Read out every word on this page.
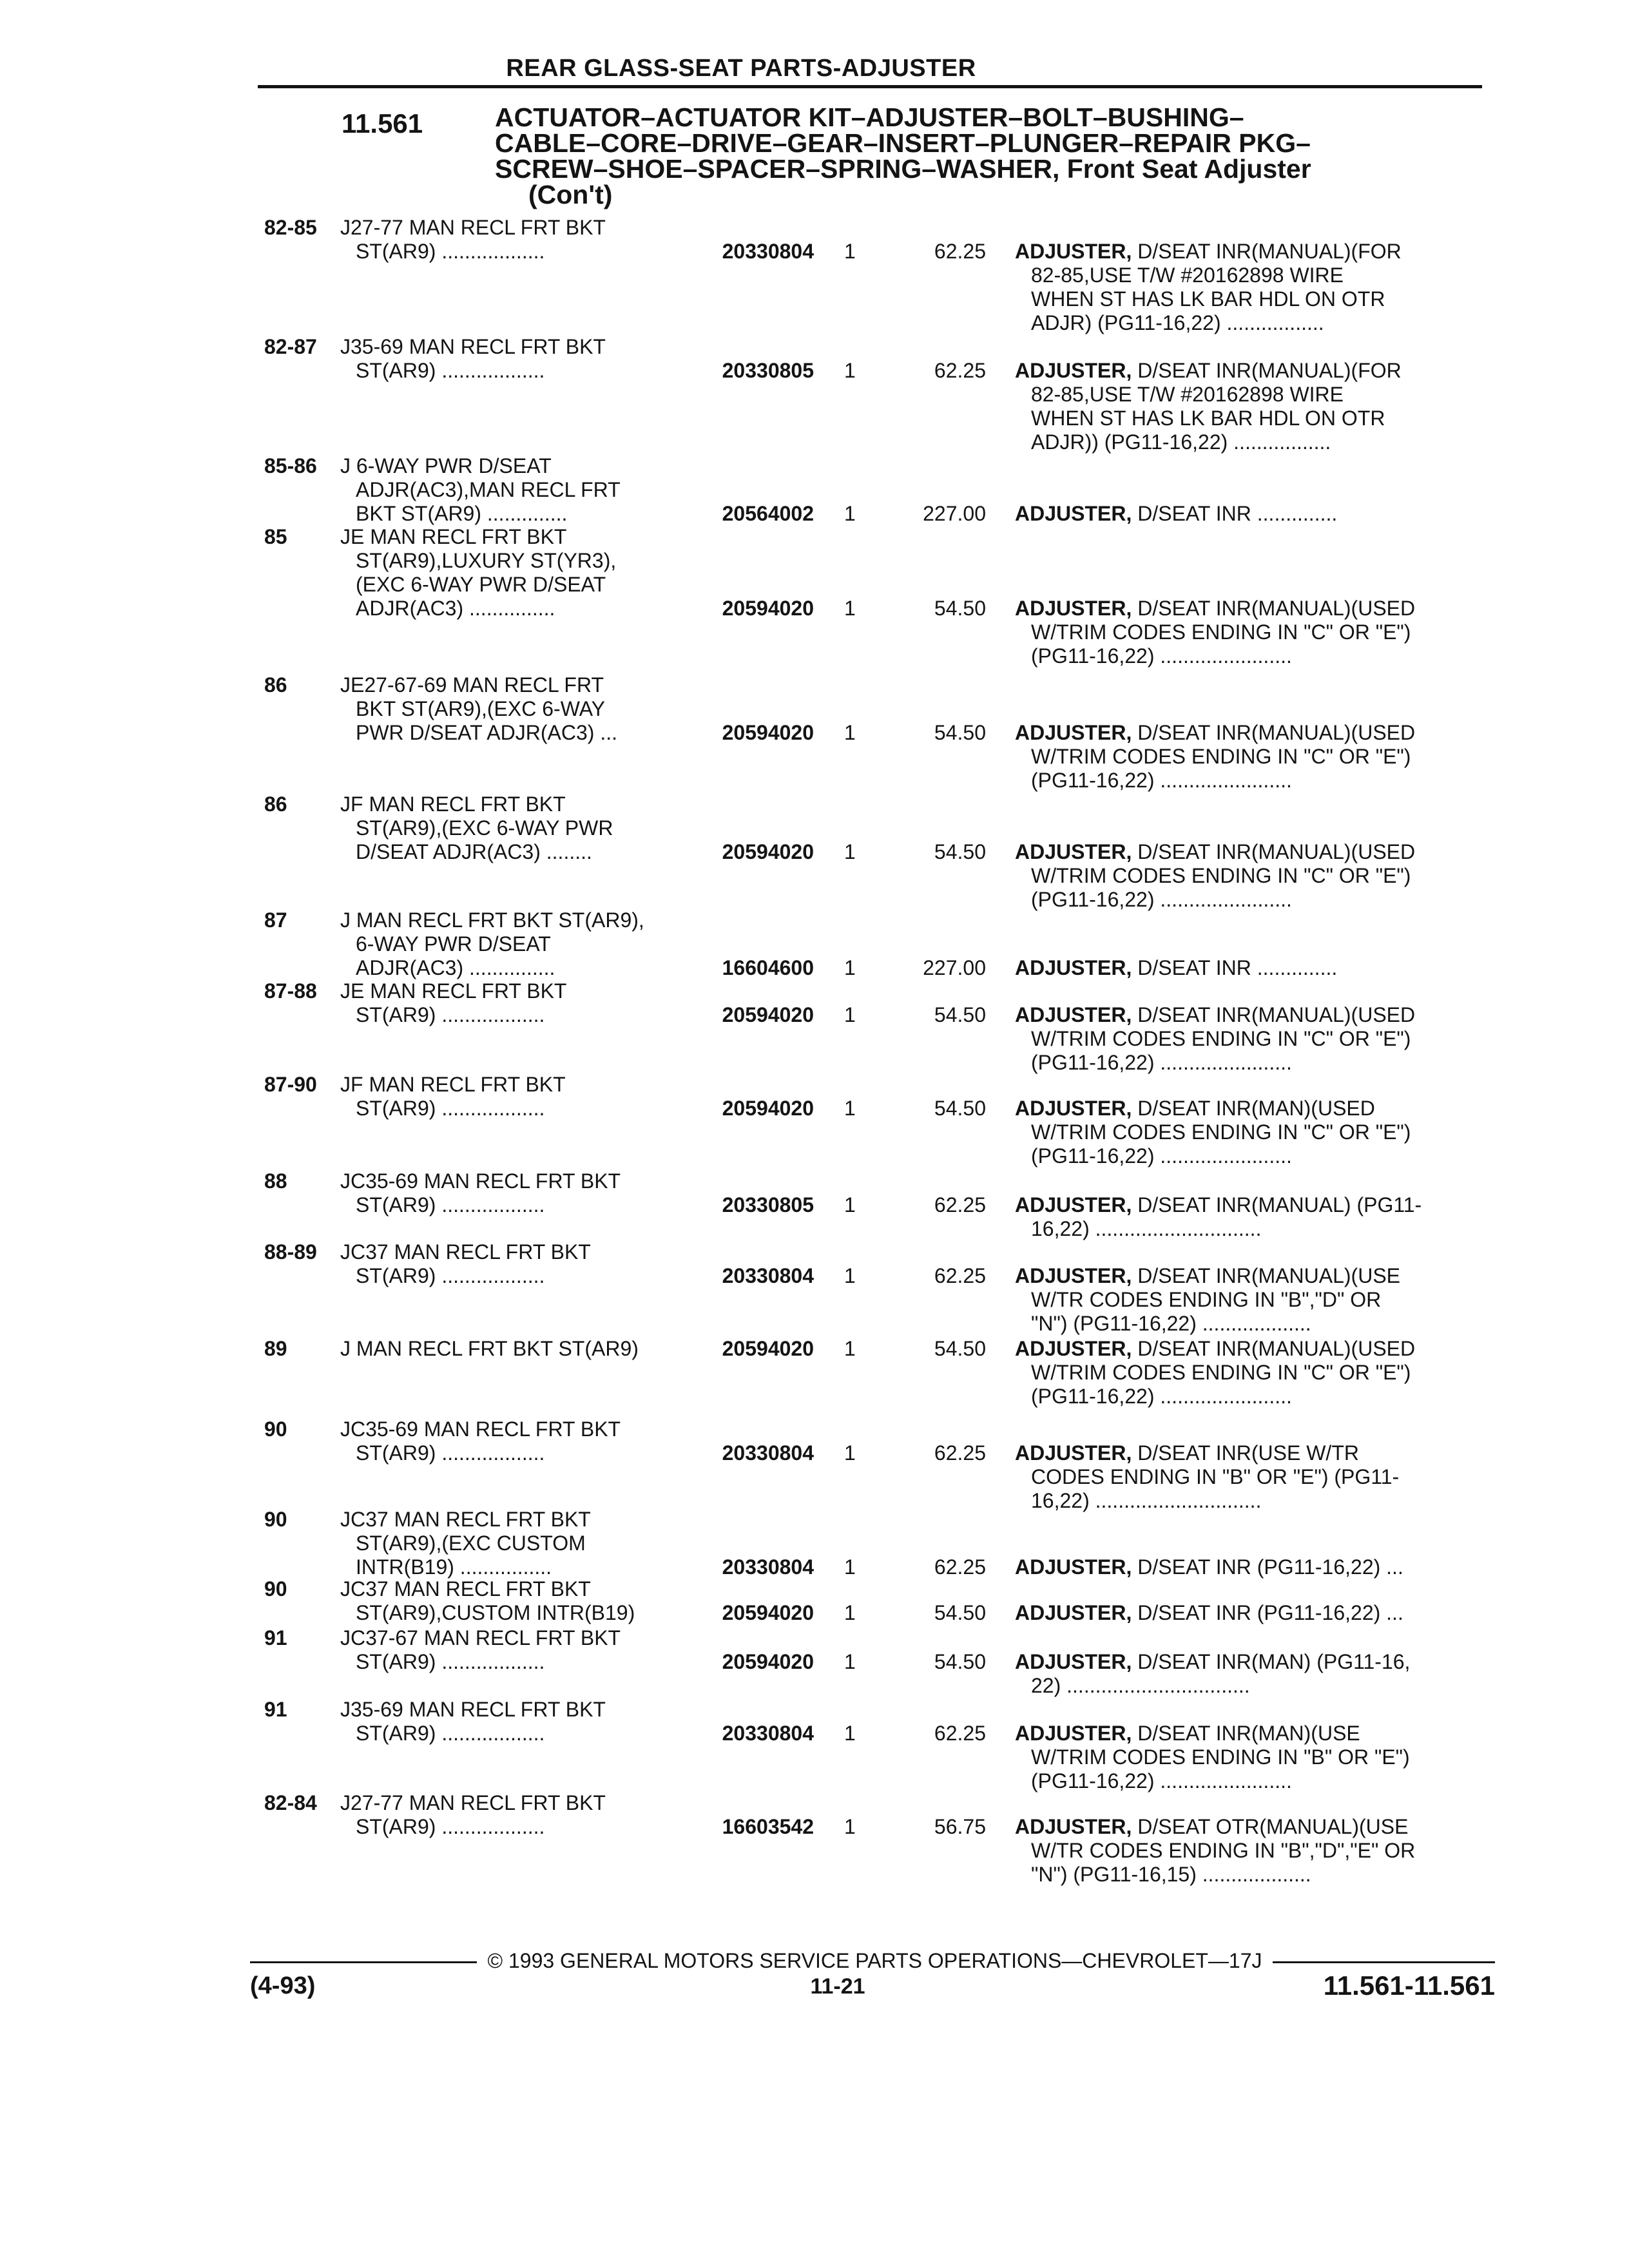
REAR GLASS-SEAT PARTS-ADJUSTER
11.561	ACTUATOR–ACTUATOR KIT–ADJUSTER–BOLT–BUSHING–
CABLE–CORE–DRIVE–GEAR–INSERT–PLUNGER–REPAIR PKG–
SCREW–SHOE–SPACER–SPRING–WASHER, Front Seat Adjuster
(Con't)
82-85 J27-77 MAN RECL FRT BKT
ST(AR9) ..................	20330804 1	62.25 ADJUSTER, D/SEAT INR(MANUAL)(FOR
82-85,USE T/W #20162898 WIRE
WHEN ST HAS LK BAR HDL ON OTR
ADJR) (PG11-16,22) .................
82-87 J35-69 MAN RECL FRT BKT
ST(AR9) ..................	20330805 1	62.25 ADJUSTER, D/SEAT INR(MANUAL)(FOR
82-85,USE T/W #20162898 WIRE
WHEN ST HAS LK BAR HDL ON OTR
ADJR)) (PG11-16,22) .................
85-86 J 6-WAY PWR D/SEAT
ADJR(AC3),MAN RECL FRT
BKT ST(AR9) ..............	20564002 1	227.00 ADJUSTER, D/SEAT INR ..............
85	JE MAN RECL FRT BKT
ST(AR9),LUXURY ST(YR3),
(EXC 6-WAY PWR D/SEAT
ADJR(AC3) ...............	20594020 1	54.50 ADJUSTER, D/SEAT INR(MANUAL)(USED
W/TRIM CODES ENDING IN "C" OR "E")
(PG11-16,22) .......................
86	JE27-67-69 MAN RECL FRT
BKT ST(AR9),(EXC 6-WAY
PWR D/SEAT ADJR(AC3) ...	20594020 1	54.50 ADJUSTER, D/SEAT INR(MANUAL)(USED
W/TRIM CODES ENDING IN "C" OR "E")
(PG11-16,22) .......................
86	JF MAN RECL FRT BKT
ST(AR9),(EXC 6-WAY PWR
D/SEAT ADJR(AC3) ........	20594020 1	54.50 ADJUSTER, D/SEAT INR(MANUAL)(USED
W/TRIM CODES ENDING IN "C" OR "E")
(PG11-16,22) .......................
87	J MAN RECL FRT BKT ST(AR9),
6-WAY PWR D/SEAT
ADJR(AC3) ...............	16604600 1	227.00 ADJUSTER, D/SEAT INR ..............
87-88 JE MAN RECL FRT BKT
ST(AR9) ..................	20594020 1	54.50 ADJUSTER, D/SEAT INR(MANUAL)(USED
W/TRIM CODES ENDING IN "C" OR "E")
(PG11-16,22) .......................
87-90 JF MAN RECL FRT BKT
ST(AR9) ..................	20594020 1	54.50 ADJUSTER, D/SEAT INR(MAN)(USED
W/TRIM CODES ENDING IN "C" OR "E")
(PG11-16,22) .......................
88	JC35-69 MAN RECL FRT BKT
ST(AR9) ..................	20330805 1	62.25 ADJUSTER, D/SEAT INR(MANUAL) (PG11-
16,22) .............................
88-89 JC37 MAN RECL FRT BKT
ST(AR9) ..................	20330804 1	62.25 ADJUSTER, D/SEAT INR(MANUAL)(USE
W/TR CODES ENDING IN "B","D" OR
"N") (PG11-16,22) ...................
89	J MAN RECL FRT BKT ST(AR9)	20594020 1	54.50 ADJUSTER, D/SEAT INR(MANUAL)(USED
W/TRIM CODES ENDING IN "C" OR "E")
(PG11-16,22) .......................
90	JC35-69 MAN RECL FRT BKT
ST(AR9) ..................	20330804 1	62.25 ADJUSTER, D/SEAT INR(USE W/TR
CODES ENDING IN "B" OR "E") (PG11-
16,22) .............................
90	JC37 MAN RECL FRT BKT
ST(AR9),(EXC CUSTOM
INTR(B19) ................	20330804 1	62.25 ADJUSTER, D/SEAT INR (PG11-16,22) ...
90	JC37 MAN RECL FRT BKT
ST(AR9),CUSTOM INTR(B19)	20594020 1	54.50 ADJUSTER, D/SEAT INR (PG11-16,22) ...
91	JC37-67 MAN RECL FRT BKT
ST(AR9) ..................	20594020 1	54.50 ADJUSTER, D/SEAT INR(MAN) (PG11-16,
22) ................................
91	J35-69 MAN RECL FRT BKT
ST(AR9) ..................	20330804 1	62.25 ADJUSTER, D/SEAT INR(MAN)(USE
W/TRIM CODES ENDING IN "B" OR "E")
(PG11-16,22) .......................
82-84 J27-77 MAN RECL FRT BKT
ST(AR9) ..................	16603542 1	56.75 ADJUSTER, D/SEAT OTR(MANUAL)(USE
W/TR CODES ENDING IN "B","D","E" OR
"N") (PG11-16,15) ...................
© 1993 GENERAL MOTORS SERVICE PARTS OPERATIONS—CHEVROLET—17J
(4-93)	11-21	11.561-11.561
